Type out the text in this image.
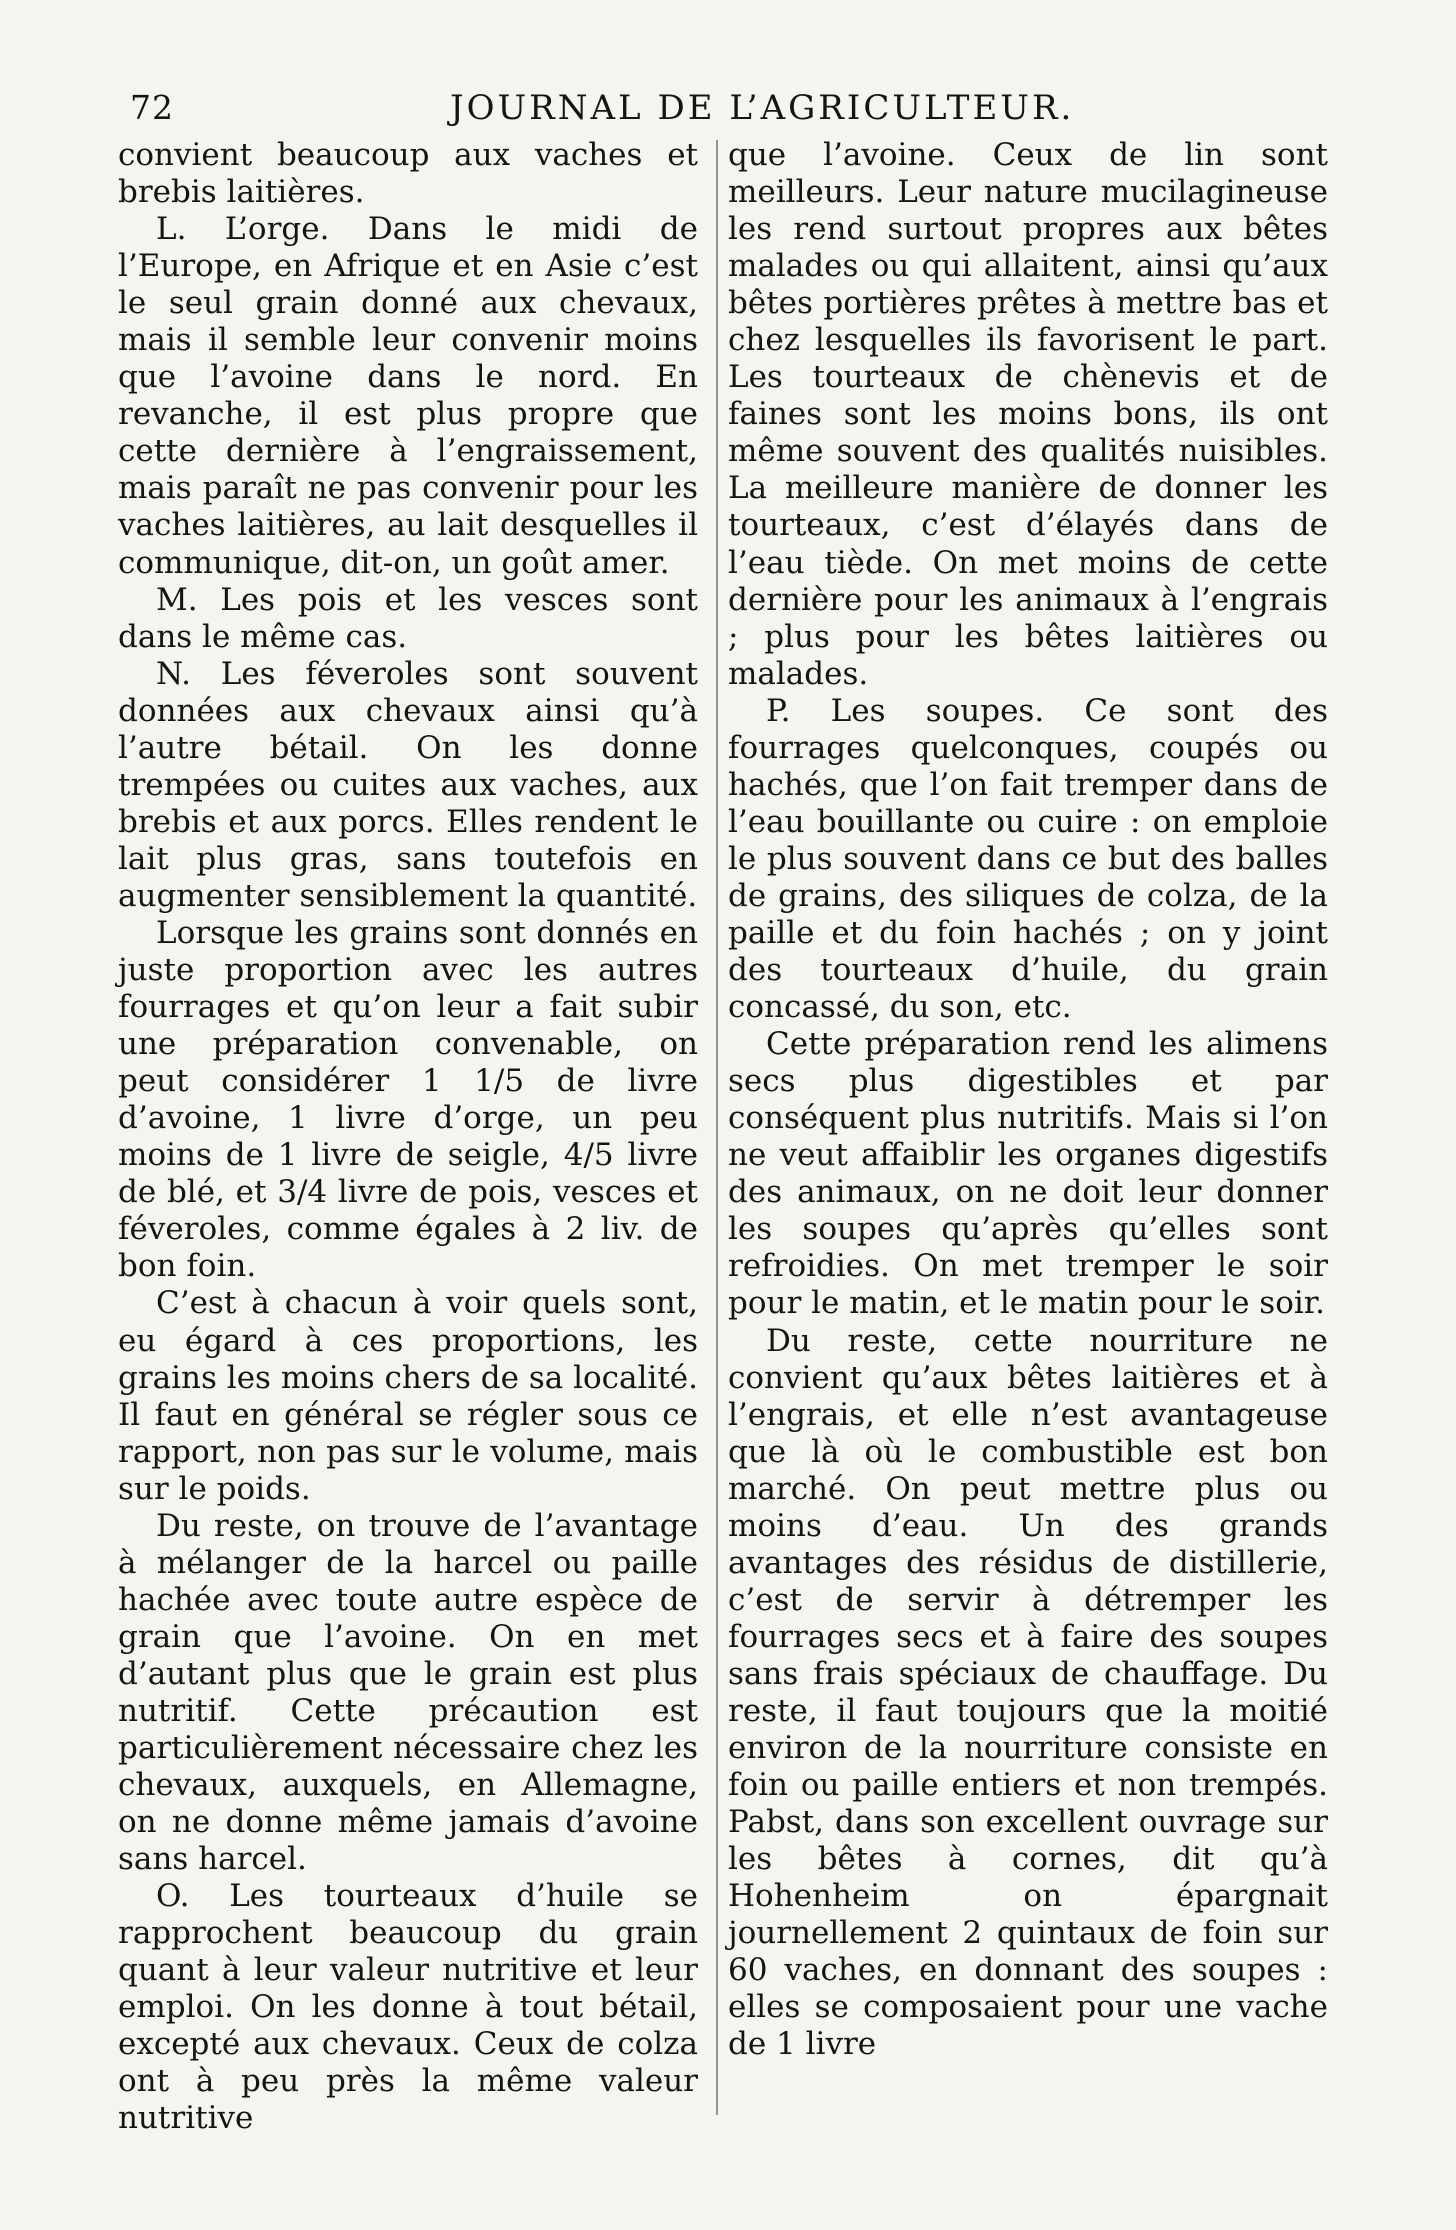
72	JOURNAL DE L’AGRICULTEUR.

convient beaucoup aux vaches et brebis laitières.

L. L’orge. Dans le midi de l’Europe, en Afrique et en Asie c’est le seul grain donné aux chevaux, mais il semble leur convenir moins que l’avoine dans le nord. En revanche, il est plus propre que cette dernière à l’engraissement, mais paraît ne pas convenir pour les vaches laitières, au lait desquelles il communique, dit-on, un goût amer.

M. Les pois et les vesces sont dans le même cas.

N. Les féveroles sont souvent données aux chevaux ainsi qu’à l’autre bétail. On les donne trempées ou cuites aux vaches, aux brebis et aux porcs. Elles rendent le lait plus gras, sans toutefois en augmenter sensiblement la quantité.

Lorsque les grains sont donnés en juste proportion avec les autres fourrages et qu’on leur a fait subir une préparation convenable, on peut considérer 1 1/5 de livre d’avoine, 1 livre d’orge, un peu moins de 1 livre de seigle, 4/5 livre de blé, et 3/4 livre de pois, vesces et féveroles, comme égales à 2 liv. de bon foin.

C’est à chacun à voir quels sont, eu égard à ces proportions, les grains les moins chers de sa localité. Il faut en général se régler sous ce rapport, non pas sur le volume, mais sur le poids.

Du reste, on trouve de l’avantage à mélanger de la harcel ou paille hachée avec toute autre espèce de grain que l’avoine. On en met d’autant plus que le grain est plus nutritif. Cette précaution est particulièrement nécessaire chez les chevaux, auxquels, en Allemagne, on ne donne même jamais d’avoine sans harcel.

O. Les tourteaux d’huile se rapprochent beaucoup du grain quant à leur valeur nutritive et leur emploi. On les donne à tout bétail, excepté aux chevaux. Ceux de colza ont à peu près la même valeur nutritive

que l’avoine. Ceux de lin sont meilleurs. Leur nature mucilagineuse les rend surtout propres aux bêtes malades ou qui allaitent, ainsi qu’aux bêtes portières prêtes à mettre bas et chez lesquelles ils favorisent le part. Les tourteaux de chènevis et de faines sont les moins bons, ils ont même souvent des qualités nuisibles. La meilleure manière de donner les tourteaux, c’est d’élayés dans de l’eau tiède. On met moins de cette dernière pour les animaux à l’engrais ; plus pour les bêtes laitières ou malades.

P. Les soupes. Ce sont des fourrages quelconques, coupés ou hachés, que l’on fait tremper dans de l’eau bouillante ou cuire : on emploie le plus souvent dans ce but des balles de grains, des siliques de colza, de la paille et du foin hachés ; on y joint des tourteaux d’huile, du grain concassé, du son, etc.

Cette préparation rend les alimens secs plus digestibles et par conséquent plus nutritifs. Mais si l’on ne veut affaiblir les organes digestifs des animaux, on ne doit leur donner les soupes qu’après qu’elles sont refroidies. On met tremper le soir pour le matin, et le matin pour le soir.

Du reste, cette nourriture ne convient qu’aux bêtes laitières et à l’engrais, et elle n’est avantageuse que là où le combustible est bon marché. On peut mettre plus ou moins d’eau. Un des grands avantages des résidus de distillerie, c’est de servir à détremper les fourrages secs et à faire des soupes sans frais spéciaux de chauffage. Du reste, il faut toujours que la moitié environ de la nourriture consiste en foin ou paille entiers et non trempés. Pabst, dans son excellent ouvrage sur les bêtes à cornes, dit qu’à Hohenheim on épargnait journellement 2 quintaux de foin sur 60 vaches, en donnant des soupes : elles se composaient pour une vache de 1 livre
